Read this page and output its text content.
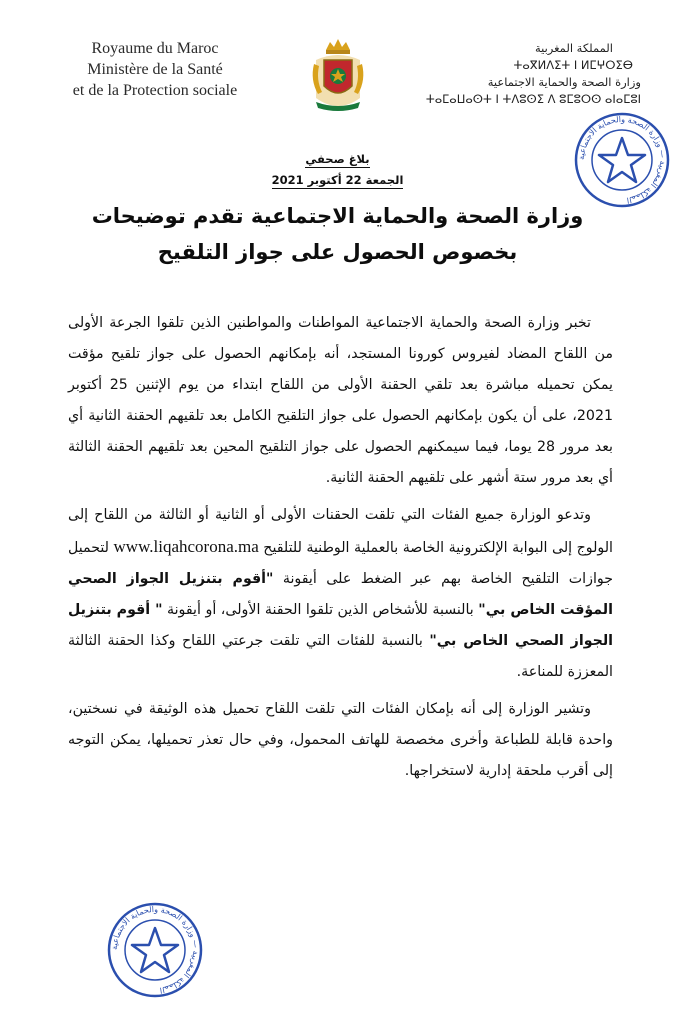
Royaume du Maroc
Ministère de la Santé
et de la Protection sociale
المملكة المغربية
ⵜⴰⴳⵍⴷⵉⵜ ⵏ ⵍⵎⵖⵔⵉⴱ
وزارة الصحة والحماية الاجتماعية
ⵜⴰⵎⴰⵡⴰⵙⵜ ⵏ ⵜⴷⵓⵙⵉ ⴷ ⵓⵎⵓⵔⵙ ⴰⵏⴰⵎⵓⵏ
المملكة المغربية — وزارة الصحة والحماية الاجتماعية
بلاغ صحفي
الجمعة 22 أكتوبر 2021
وزارة الصحة والحماية الاجتماعية تقدم توضيحات
بخصوص الحصول على جواز التلقيح

تخبر وزارة الصحة والحماية الاجتماعية المواطنات والمواطنين الذين تلقوا الجرعة الأولى من اللقاح المضاد لفيروس كورونا المستجد، أنه بإمكانهم الحصول على جواز تلقيح مؤقت يمكن تحميله مباشرة بعد تلقي الحقنة الأولى من اللقاح ابتداء من يوم الإثنين 25 أكتوبر 2021، على أن يكون بإمكانهم الحصول على جواز التلقيح الكامل بعد تلقيهم الحقنة الثانية أي بعد مرور 28 يوما، فيما سيمكنهم الحصول على جواز التلقيح المحين بعد تلقيهم الحقنة الثالثة أي بعد مرور ستة أشهر على تلقيهم الحقنة الثانية.

وتدعو الوزارة جميع الفئات التي تلقت الحقنات الأولى أو الثانية أو الثالثة من اللقاح إلى الولوج إلى البوابة الإلكترونية الخاصة بالعملية الوطنية للتلقيح www.liqahcorona.ma لتحميل جوازات التلقيح الخاصة بهم عبر الضغط على أيقونة "أقوم بتنزيل الجواز الصحي المؤقت الخاص بي" بالنسبة للأشخاص الذين تلقوا الحقنة الأولى، أو أيقونة " أقوم بتنزيل الجواز الصحي الخاص بي" بالنسبة للفئات التي تلقت جرعتي اللقاح وكذا الحقنة الثالثة المعززة للمناعة.

وتشير الوزارة إلى أنه بإمكان الفئات التي تلقت اللقاح تحميل هذه الوثيقة في نسختين، واحدة قابلة للطباعة وأخرى مخصصة للهاتف المحمول، وفي حال تعذر تحميلها، يمكن التوجه إلى أقرب ملحقة إدارية لاستخراجها.

المملكة المغربية — وزارة الصحة والحماية الاجتماعية
